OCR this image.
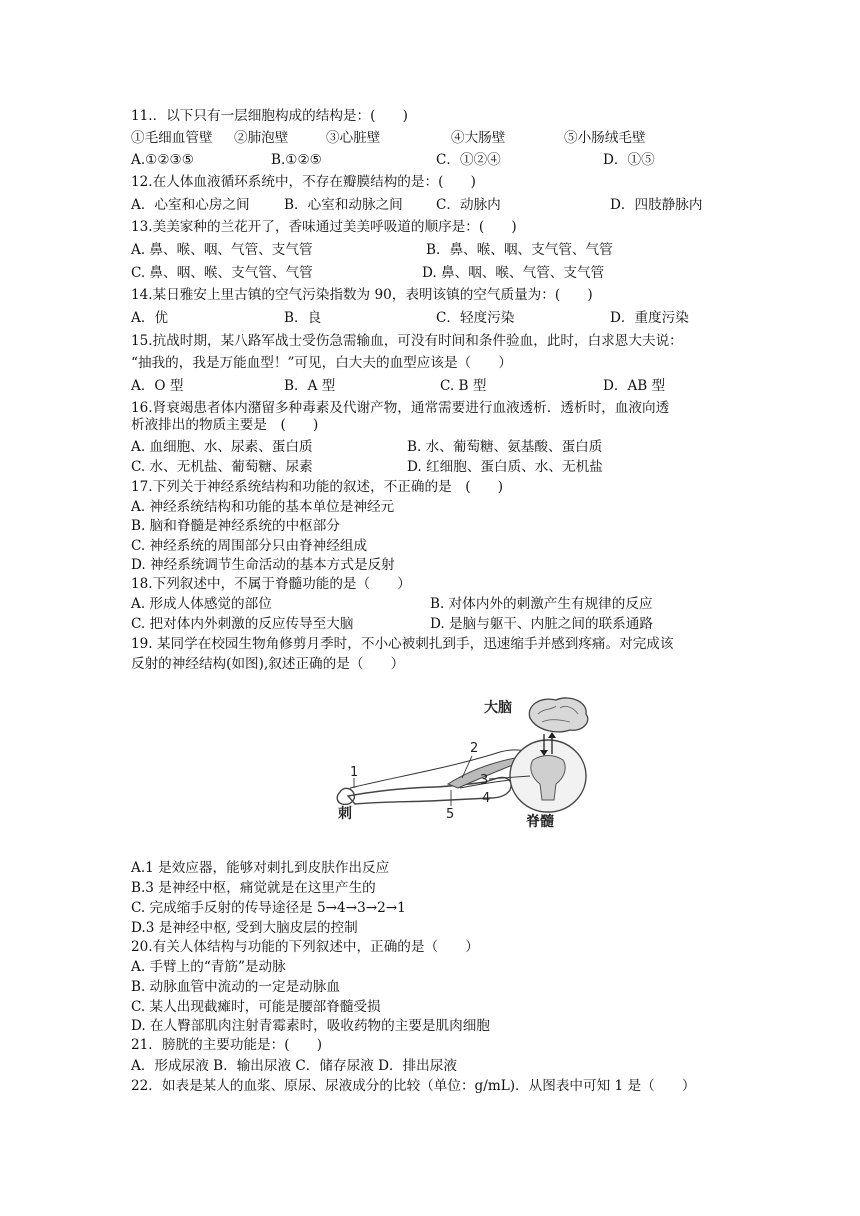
11.．以下只有一层细胞构成的结构是：(　　)
①毛细血管壁 ②肺泡壁	③心脏壁	④大肠壁	⑤小肠绒毛壁
A.①②③⑤	B.①②⑤	C．①②④	D．①⑤
12.在人体血液循环系统中，不存在瓣膜结构的是：(　　)
A．心室和心房之间	B．心室和动脉之间 C．动脉内	D．四肢静脉内
13.美美家种的兰花开了，香味通过美美呼吸道的顺序是：(　　)
A. 鼻、喉、咽、气管、支气管	B．鼻、喉、咽、支气管、气管
C. 鼻、咽、喉、支气管、气管	D. 鼻、咽、喉、气管、支气管
14.某日雅安上里古镇的空气污染指数为 90，表明该镇的空气质量为：(　　)
A．优	B．良	C．轻度污染	D．重度污染
15.抗战时期，某八路军战士受伤急需输血，可没有时间和条件验血，此时，白求恩大夫说：
“抽我的，我是万能血型！”可见，白大夫的血型应该是（　　）
A．O 型	B．A 型	C. B 型	D．AB 型
16.肾衰竭患者体内潴留多种毒素及代谢产物，通常需要进行血液透析．透析时，血液向透
析液排出的物质主要是　(　　)
A. 血细胞、水、尿素、蛋白质	B. 水、葡萄糖、氨基酸、蛋白质
C. 水、无机盐、葡萄糖、尿素	D. 红细胞、蛋白质、水、无机盐
17.下列关于神经系统结构和功能的叙述，不正确的是　(　　)
A. 神经系统结构和功能的基本单位是神经元
B. 脑和脊髓是神经系统的中枢部分
C. 神经系统的周围部分只由脊神经组成
D. 神经系统调节生命活动的基本方式是反射
18.下列叙述中，不属于脊髓功能的是（　　）
A. 形成人体感觉的部位	B. 对体内外的刺激产生有规律的反应
C. 把对体内外刺激的反应传导至大脑	D. 是脑与躯干、内脏之间的联系通路
19. 某同学在校园生物角修剪月季时，不小心被刺扎到手，迅速缩手并感到疼痛。对完成该
反射的神经结构(如图),叙述正确的是（　　）
大脑
脊髓
刺
1
2
3
4
5
A.1 是效应器，能够对刺扎到皮肤作出反应
B.3 是神经中枢，痛觉就是在这里产生的
C. 完成缩手反射的传导途径是 5→4→3→2→1
D.3 是神经中枢, 受到大脑皮层的控制
20.有关人体结构与功能的下列叙述中，正确的是（　　）
A. 手臂上的“青筋”是动脉
B. 动脉血管中流动的一定是动脉血
C. 某人出现截瘫时，可能是腰部脊髓受损
D. 在人臀部肌肉注射青霉素时，吸收药物的主要是肌肉细胞
21．膀胱的主要功能是：(　　)
A．形成尿液 B．输出尿液 C．储存尿液 D．排出尿液
22．如表是某人的血浆、原尿、尿液成分的比较（单位：g/mL)．从图表中可知 1 是（　　）
